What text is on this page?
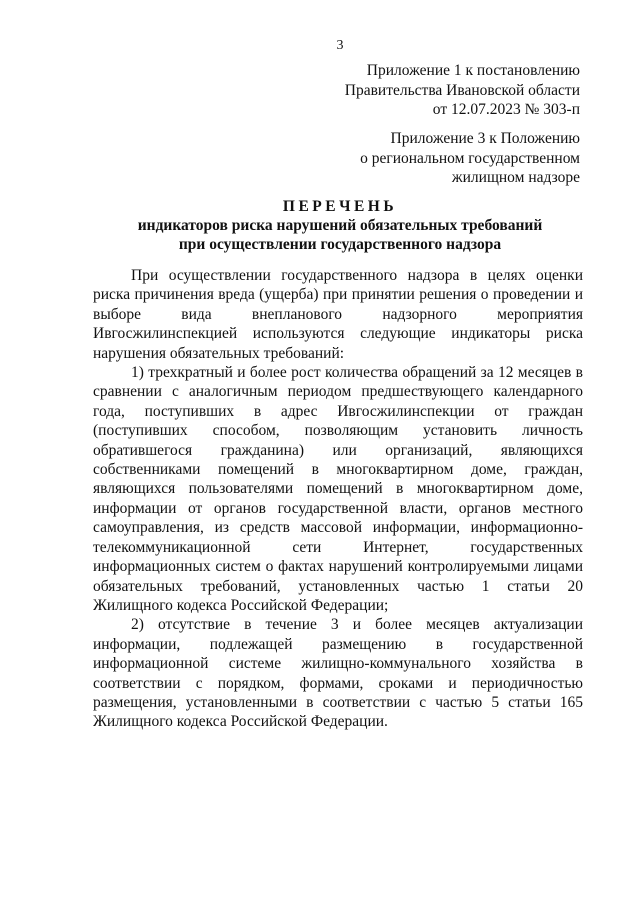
3
Приложение 1 к постановлению
Правительства Ивановской области
от 12.07.2023 № 303-п
Приложение 3 к Положению
о региональном государственном
жилищном надзоре
ПЕРЕЧЕНЬ
индикаторов риска нарушений обязательных требований
при осуществлении государственного надзора

При осуществлении государственного надзора в целях оценки риска причинения вреда (ущерба) при принятии решения о проведении и выборе вида внепланового надзорного мероприятия Ивгосжилинспекцией используются следующие индикаторы риска нарушения обязательных требований:

1) трехкратный и более рост количества обращений за 12 месяцев в сравнении с аналогичным периодом предшествующего календарного года, поступивших в адрес Ивгосжилинспекции от граждан (поступивших способом, позволяющим установить личность обратившегося гражданина) или организаций, являющихся собственниками помещений в многоквартирном доме, граждан, являющихся пользователями помещений в многоквартирном доме, информации от органов государственной власти, органов местного самоуправления, из средств массовой информации, информационно-телекоммуникационной сети Интернет, государственных информационных систем о фактах нарушений контролируемыми лицами обязательных требований, установленных частью 1 статьи 20 Жилищного кодекса Российской Федерации;

2) отсутствие в течение 3 и более месяцев актуализации информации, подлежащей размещению в государственной информационной системе жилищно-коммунального хозяйства в соответствии с порядком, формами, сроками и периодичностью размещения, установленными в соответствии с частью 5 статьи 165 Жилищного кодекса Российской Федерации.
